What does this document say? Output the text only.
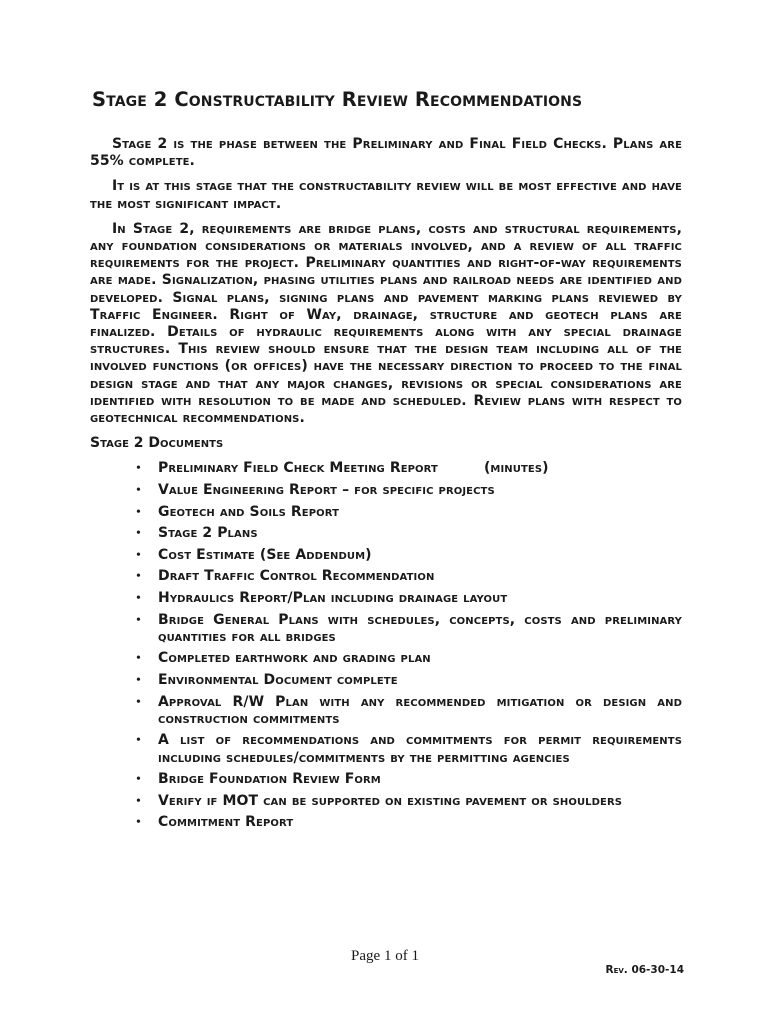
Stage 2 Constructability Review Recommendations

Stage 2 is the phase between the Preliminary and Final Field Checks. Plans are 55% complete.

It is at this stage that the constructability review will be most effective and have the most significant impact.

In Stage 2, requirements are bridge plans, costs and structural requirements, any foundation considerations or materials involved, and a review of all traffic requirements for the project. Preliminary quantities and right-of-way requirements are made. Signalization, phasing utilities plans and railroad needs are identified and developed. Signal plans, signing plans and pavement marking plans reviewed by Traffic Engineer. Right of Way, drainage, structure and geotech plans are finalized. Details of hydraulic requirements along with any special drainage structures. This review should ensure that the design team including all of the involved functions (or offices) have the necessary direction to proceed to the final design stage and that any major changes, revisions or special considerations are identified with resolution to be made and scheduled. Review plans with respect to geotechnical recommendations.

Stage 2 Documents
• Preliminary Field Check Meeting Report	(minutes)
• Value Engineering Report – for specific projects
• Geotech and Soils Report
• Stage 2 Plans
• Cost Estimate (See Addendum)
• Draft Traffic Control Recommendation
• Hydraulics Report/Plan including drainage layout
• Bridge General Plans with schedules, concepts, costs and preliminary quantities for all bridges
• Completed earthwork and grading plan
• Environmental Document complete
• Approval R/W Plan with any recommended mitigation or design and construction commitments
• A list of recommendations and commitments for permit requirements including schedules/commitments by the permitting agencies
• Bridge Foundation Review Form
• Verify if MOT can be supported on existing pavement or shoulders
• Commitment Report
Page 1 of 1
Rev. 06-30-14
